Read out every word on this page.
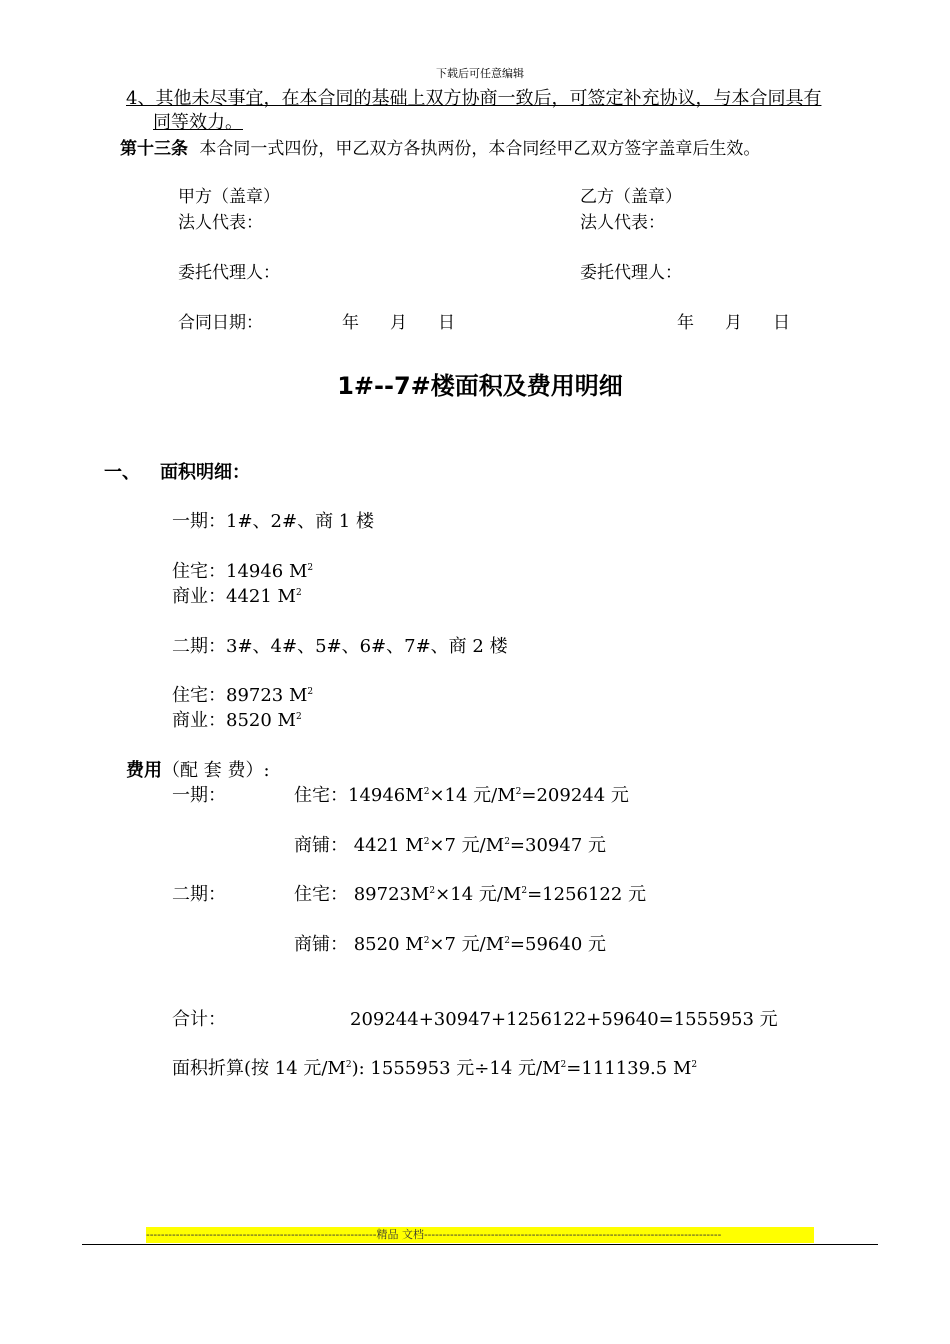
下载后可任意编辑
4、其他未尽事宜，在本合同的基础上双方协商一致后，可签定补充协议，与本合同具有
同等效力。
第十三条 本合同一式四份，甲乙双方各执两份，本合同经甲乙双方签字盖章后生效。
甲方（盖章）	乙方（盖章）
法人代表：	法人代表：
委托代理人：	委托代理人：
合同日期：	年 月 日	年 月 日
1#--7#楼面积及费用明细
一、 面积明细：
一期：1#、2#、商 1 楼
住宅：14946 $M^2$
商业：4421 $M^2$
二期：3#、4#、5#、6#、7#、商 2 楼
住宅：89723 $M^2$
商业：8520 $M^2$
费用（配 套 费）:
一期：	住宅：$14946M^2\times 14$ 元$/M^2=209244$ 元
商铺： 4421 $M^2\times 7$ 元$/M^2=30947$ 元
二期：	住宅： $89723M^2\times 14$ 元$/M^2=1256122$ 元
商铺： 8520 $M^2\times 7$ 元$/M^2=59640$ 元
合计：	209244+30947+1256122+59640=1555953 元
面积折算(按 14 元$/M^2$): 1555953 元÷14 元$/M^2=111139.5$ $M^2$
--------------------------------------------------------------精品 文档--------------------------------------------------------------------------------
